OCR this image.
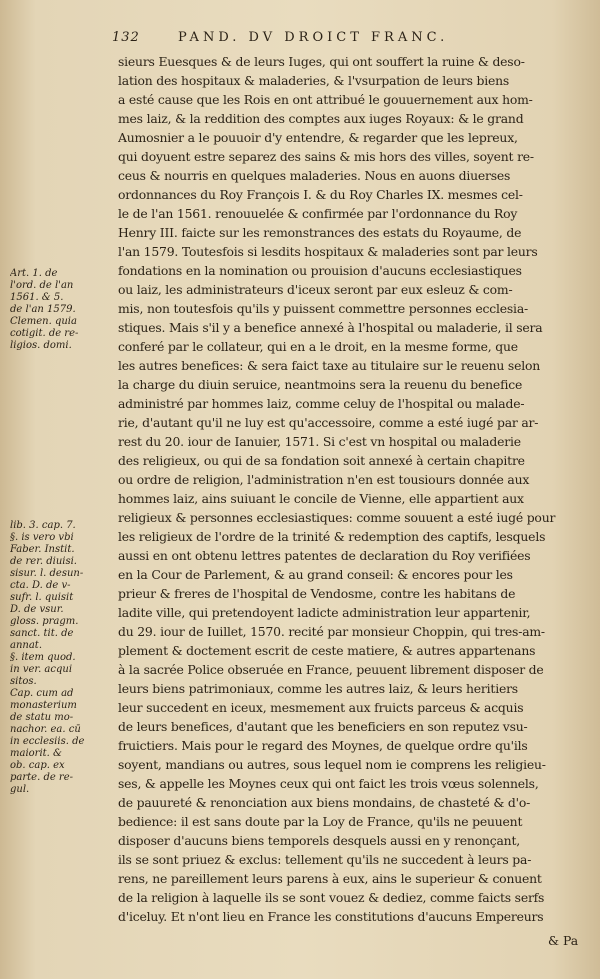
132	PAND. DV DROICT FRANC.
Art. 1. de
l'ord. de l'an
1561. & 5.
de l'an 1579.
Clemen. quia
cotigit. de re-
ligios. domi.
lib. 3. cap. 7.
§. is vero vbi
Faber. Instit.
de rer. diuisi.
sisur. l. desun-
cta. D. de v-
sufr. l. quisit
D. de vsur.
gloss. pragm.
sanct. tit. de
annat.
§. item quod.
in ver. acqui
sitos.
Cap. cum ad
monasterium
de statu mo-
nachor. ea. cū
in ecclesiis. de
maiorit. &
ob. cap. ex
parte. de re-
gul.
sieurs Euesques & de leurs Iuges, qui ont souffert la ruine & deso-
lation des hospitaux & maladeries, & l'vsurpation de leurs biens
a esté cause que les Rois en ont attribué le gouuernement aux hom-
mes laiz, & la reddition des comptes aux iuges Royaux: & le grand
Aumosnier a le pouuoir d'y entendre, & regarder que les lepreux,
qui doyuent estre separez des sains & mis hors des villes, soyent re-
ceus & nourris en quelques maladeries. Nous en auons diuerses
ordonnances du Roy François I. & du Roy Charles IX. mesmes cel-
le de l'an 1561. renouuelée & confirmée par l'ordonnance du Roy
Henry III. faicte sur les remonstrances des estats du Royaume, de
l'an 1579. Toutesfois si lesdits hospitaux & maladeries sont par leurs
fondations en la nomination ou prouision d'aucuns ecclesiastiques
ou laiz, les administrateurs d'iceux seront par eux esleuz & com-
mis, non toutesfois qu'ils y puissent commettre personnes ecclesia-
stiques. Mais s'il y a benefice annexé à l'hospital ou maladerie, il sera
conferé par le collateur, qui en a le droit, en la mesme forme, que
les autres benefices: & sera faict taxe au titulaire sur le reuenu selon
la charge du diuin seruice, neantmoins sera la reuenu du benefice
administré par hommes laiz, comme celuy de l'hospital ou malade-
rie, d'autant qu'il ne luy est qu'accessoire, comme a esté iugé par ar-
rest du 20. iour de Ianuier, 1571. Si c'est vn hospital ou maladerie
des religieux, ou qui de sa fondation soit annexé à certain chapitre
ou ordre de religion, l'administration n'en est tousiours donnée aux
hommes laiz, ains suiuant le concile de Vienne, elle appartient aux
religieux & personnes ecclesiastiques: comme souuent a esté iugé pour
les religieux de l'ordre de la trinité & redemption des captifs, lesquels
aussi en ont obtenu lettres patentes de declaration du Roy verifiées
en la Cour de Parlement, & au grand conseil: & encores pour les
prieur & freres de l'hospital de Vendosme, contre les habitans de
ladite ville, qui pretendoyent ladicte administration leur appartenir,
du 29. iour de Iuillet, 1570. recité par monsieur Choppin, qui tres-am-
plement & doctement escrit de ceste matiere, & autres appartenans
à la sacrée Police obseruée en France, peuuent librement disposer de
leurs biens patrimoniaux, comme les autres laiz, & leurs heritiers
leur succedent en iceux, mesmement aux fruicts parceus & acquis
de leurs benefices, d'autant que les beneficiers en son reputez vsu-
fruictiers. Mais pour le regard des Moynes, de quelque ordre qu'ils
soyent, mandians ou autres, sous lequel nom ie comprens les religieu-
ses, & appelle les Moynes ceux qui ont faict les trois vœus solennels,
de pauureté & renonciation aux biens mondains, de chasteté & d'o-
bedience: il est sans doute par la Loy de France, qu'ils ne peuuent
disposer d'aucuns biens temporels desquels aussi en y renonçant,
ils se sont priuez & exclus: tellement qu'ils ne succedent à leurs pa-
rens, ne pareillement leurs parens à eux, ains le superieur & conuent
de la religion à laquelle ils se sont vouez & dediez, comme faicts serfs
d'iceluy. Et n'ont lieu en France les constitutions d'aucuns Empereurs
& Pa
